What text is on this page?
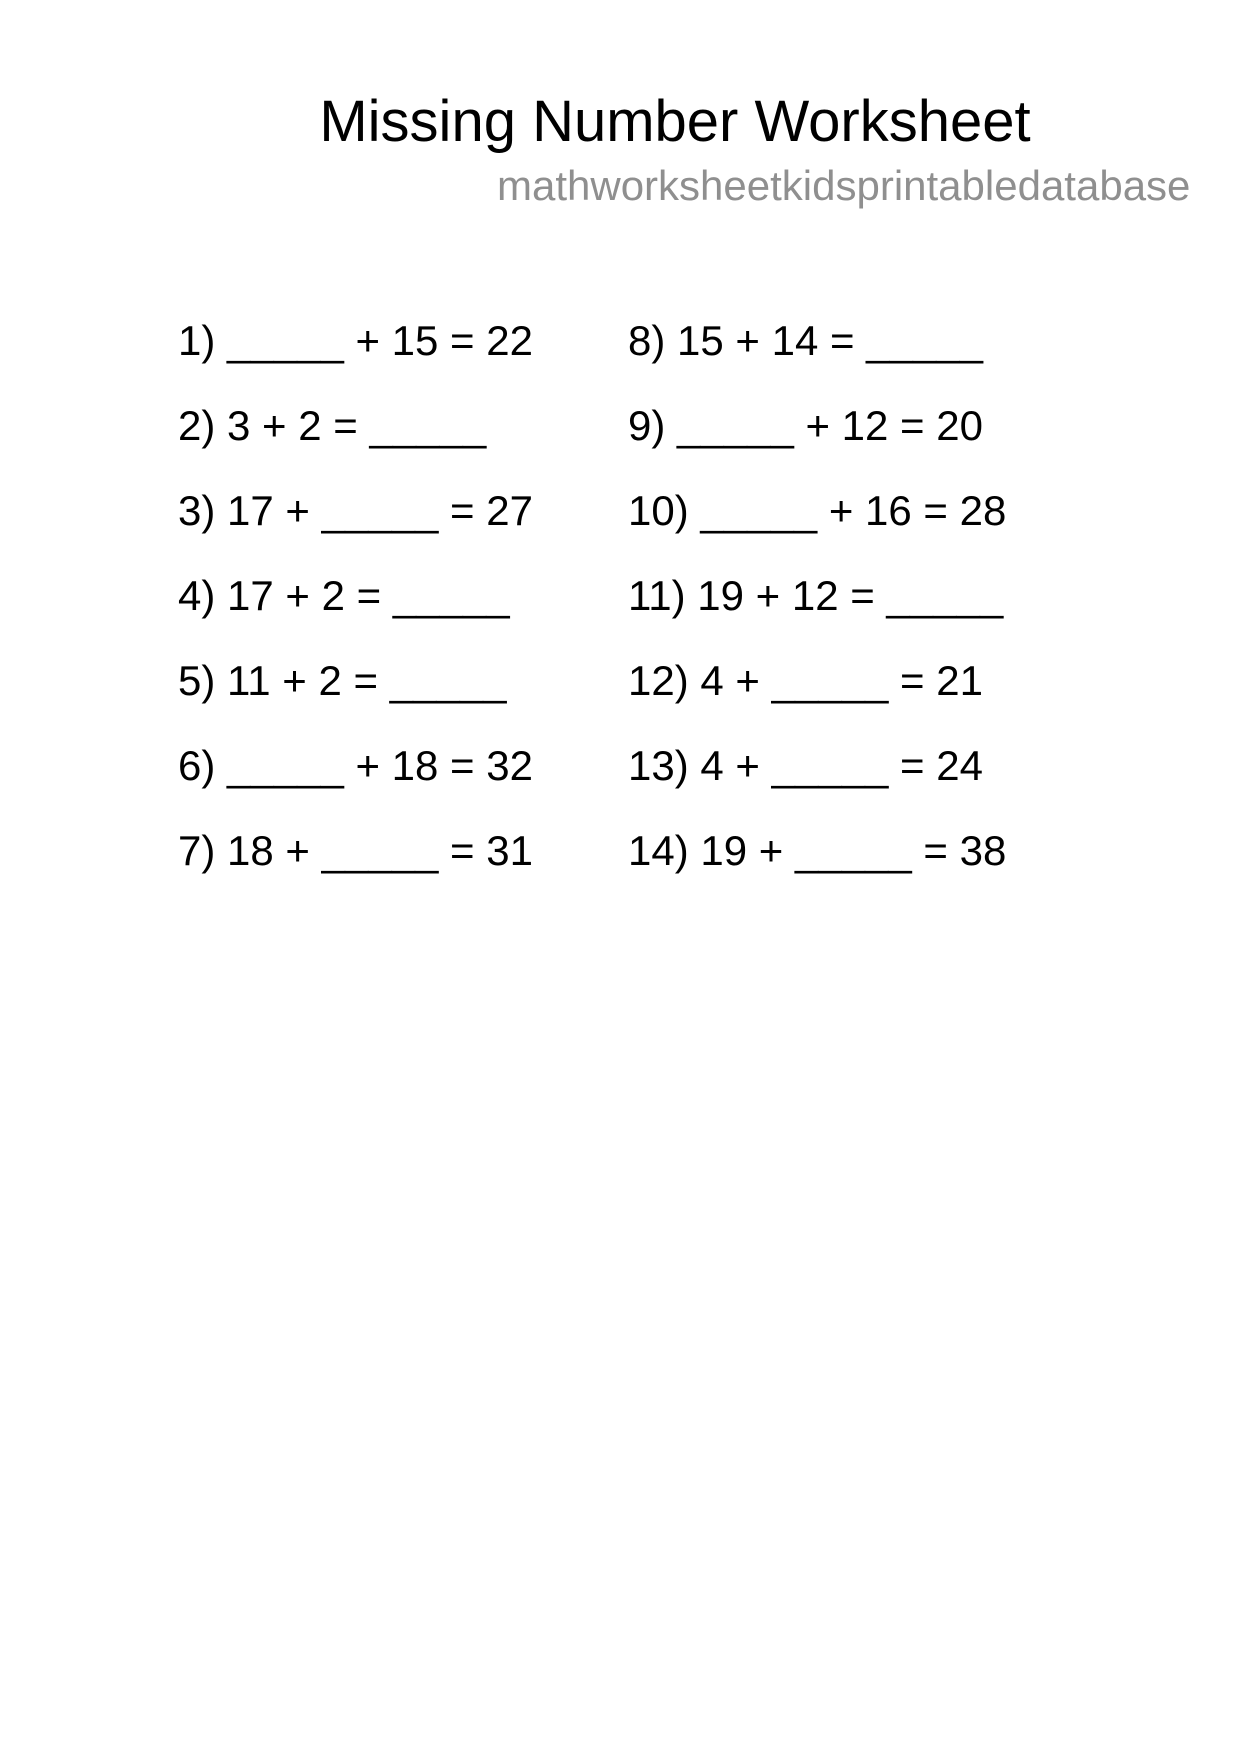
Missing Number Worksheet
mathworksheetkidsprintabledatabase
1) _____ + 15 = 22
2) 3 + 2 = _____
3) 17 + _____ = 27
4) 17 + 2 = _____
5) 11 + 2 = _____
6) _____ + 18 = 32
7) 18 + _____ = 31
8) 15 + 14 = _____
9) _____ + 12 = 20
10) _____ + 16 = 28
11) 19 + 12 = _____
12) 4 + _____ = 21
13) 4 + _____ = 24
14) 19 + _____ = 38
